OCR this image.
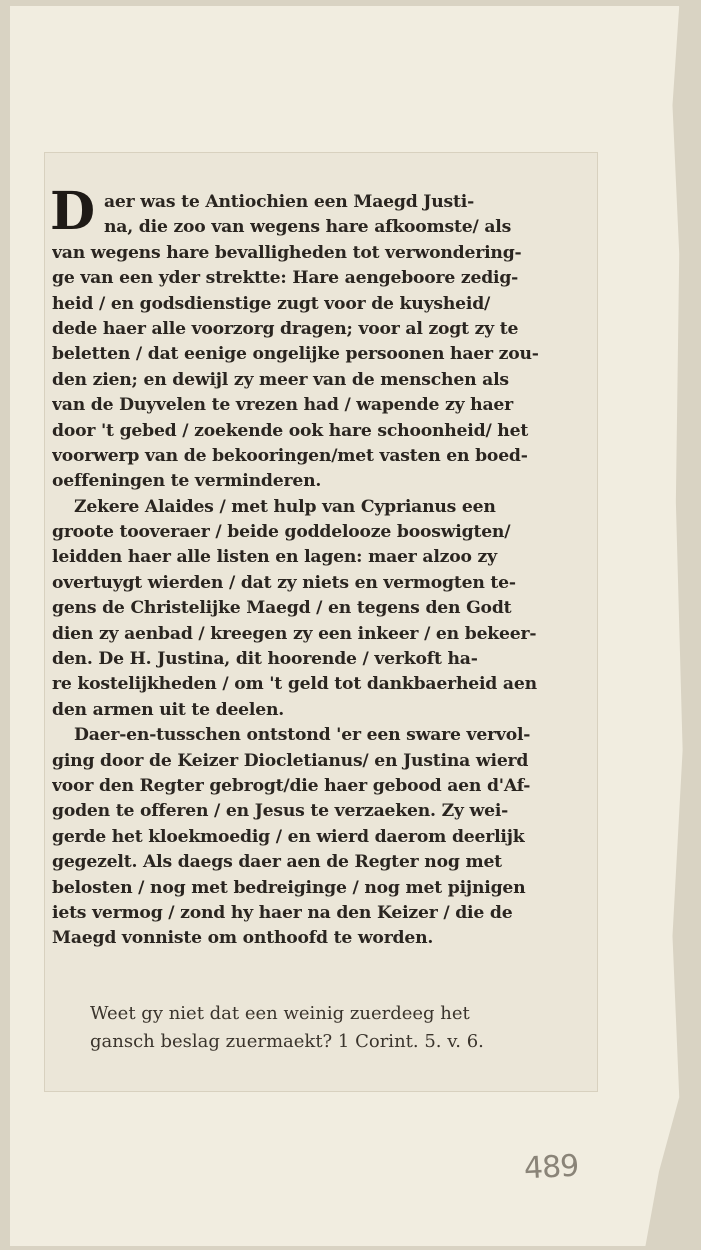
D aer was te Antiochien een Maegd Justi-
na, die zoo van wegens hare afkoomste/ als
van wegens hare bevalligheden tot verwondering-
ge van een yder strektte: Hare aengeboore zedig-
heid / en godsdienstige zugt voor de kuysheid/
dede haer alle voorzorg dragen; voor al zogt zy te
beletten / dat eenige ongelijke persoonen haer zou-
den zien; en dewijl zy meer van de menschen als
van de Duyvelen te vrezen had / wapende zy haer
door 't gebed / zoekende ook hare schoonheid/ het
voorwerp van de bekooringen/met vasten en boed-
oeffeningen te verminderen.
Zekere Alaides / met hulp van Cyprianus een
groote tooveraer / beide goddelooze booswigten/
leidden haer alle listen en lagen: maer alzoo zy
overtuygt wierden / dat zy niets en vermogten te-
gens de Christelijke Maegd / en tegens den Godt
dien zy aenbad / kreegen zy een inkeer / en bekeer-
den. De H. Justina, dit hoorende / verkoft ha-
re kostelijkheden / om 't geld tot dankbaerheid aen
den armen uit te deelen.
Daer-en-tusschen ontstond 'er een sware vervol-
ging door de Keizer Diocletianus/ en Justina wierd
voor den Regter gebrogt/die haer gebood aen d'Af-
goden te offeren / en Jesus te verzaeken. Zy wei-
gerde het kloekmoedig / en wierd daerom deerlijk
gegezelt. Als daegs daer aen de Regter nog met
belosten / nog met bedreiginge / nog met pijnigen
iets vermog / zond hy haer na den Keizer / die de
Maegd vonniste om onthoofd te worden.
Weet gy niet dat een weinig zuerdeeg het
gansch beslag zuermaekt? 1 Corint. 5. v. 6.
489
